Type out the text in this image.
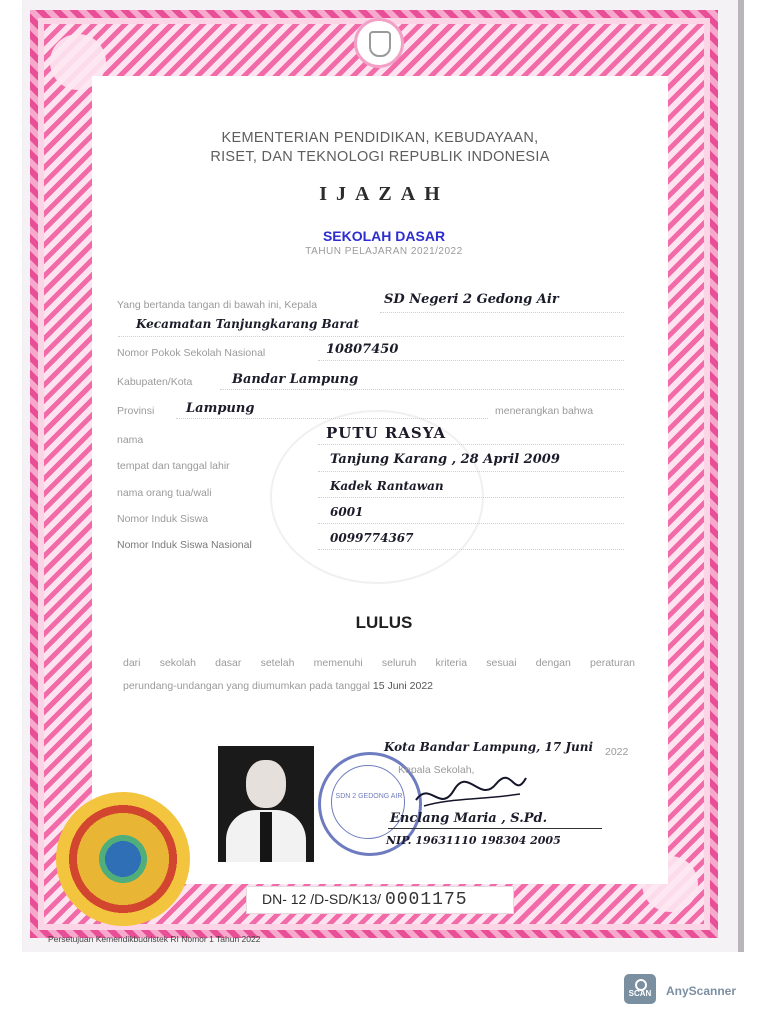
KEMENTERIAN PENDIDIKAN, KEBUDAYAAN,
RISET, DAN TEKNOLOGI REPUBLIK INDONESIA
IJAZAH
SEKOLAH DASAR
TAHUN PELAJARAN 2021/2022
Yang bertanda tangan di bawah ini, Kepala	SD Negeri 2 Gedong Air
Kecamatan Tanjungkarang Barat
Nomor Pokok Sekolah Nasional	10807450
Kabupaten/Kota	Bandar Lampung
Provinsi Lampung	menerangkan bahwa
nama	PUTU RASYA
tempat dan tanggal lahir	Tanjung Karang , 28 April 2009
nama orang tua/wali	Kadek Rantawan
Nomor Induk Siswa	6001
Nomor Induk Siswa Nasional	0099774367
LULUS
dari sekolah dasar setelah memenuhi seluruh kriteria sesuai dengan peraturan
perundang-undangan yang diumumkan pada tanggal 15 Juni 2022
SDN 2 GEDONG AIR
Kota Bandar Lampung, 17 Juni 2022
Kepala Sekolah,
Enclang Maria , S.Pd.
NIP. 19631110 198304 2005
DN- 12 /D-SD/K13/ 0001175
Persetujuan Kemendikbudristek RI Nomor 1 Tahun 2022
SCAN	AnyScanner
